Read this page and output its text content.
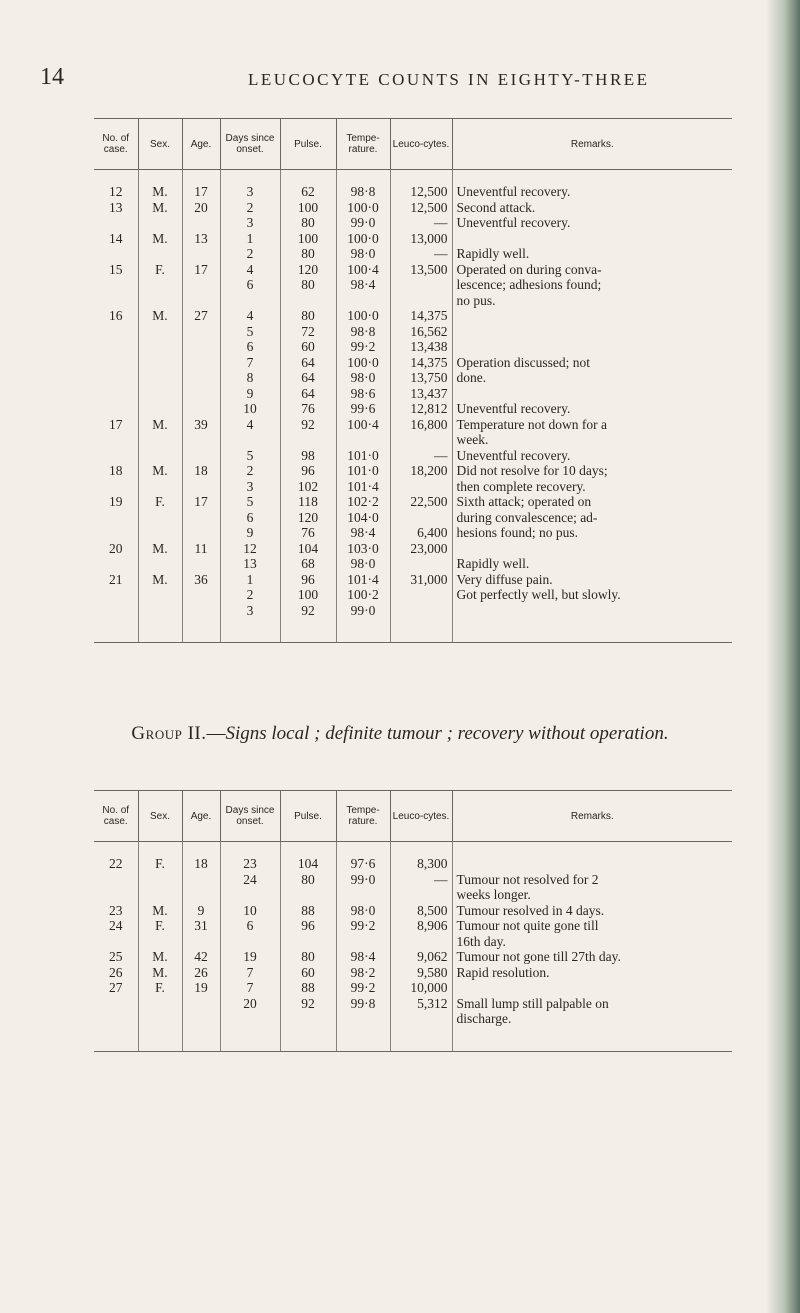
14	LEUCOCYTE COUNTS IN EIGHTY-THREE
No. of case.	Sex.	Age.	Days since onset.	Pulse.	Tempe-rature.	Leuco-cytes.	Remarks.

12	M.	17	3	62	98·8	12,500	Uneventful recovery.
13	M.	20	2	100	100·0	12,500	Second attack.
			3	80	99·0	—	Uneventful recovery.
14	M.	13	1	100	100·0	13,000	
			2	80	98·0	—	Rapidly well.
15	F.	17	4	120	100·4	13,500	Operated on during conva-
			6	80	98·4		lescence; adhesions found;
							no pus.
16	M.	27	4	80	100·0	14,375	
			5	72	98·8	16,562	
			6	60	99·2	13,438	
			7	64	100·0	14,375	Operation discussed; not
			8	64	98·0	13,750	done.
			9	64	98·6	13,437	
			10	76	99·6	12,812	Uneventful recovery.
17	M.	39	4	92	100·4	16,800	Temperature not down for a
							week.
			5	98	101·0	—	Uneventful recovery.
18	M.	18	2	96	101·0	18,200	Did not resolve for 10 days;
			3	102	101·4		then complete recovery.
19	F.	17	5	118	102·2	22,500	Sixth attack; operated on
			6	120	104·0		during convalescence; ad-
			9	76	98·4	6,400	hesions found; no pus.
20	M.	11	12	104	103·0	23,000	
			13	68	98·0		Rapidly well.
21	M.	36	1	96	101·4	31,000	Very diffuse pain.
			2	100	100·2		Got perfectly well, but slowly.
			3	92	99·0		

Group II.—Signs local ; definite tumour ; recovery without operation.
No. of case.	Sex.	Age.	Days since onset.	Pulse.	Tempe-rature.	Leuco-cytes.	Remarks.

22	F.	18	23	104	97·6	8,300	
			24	80	99·0	—	Tumour not resolved for 2
							weeks longer.
23	M.	9	10	88	98·0	8,500	Tumour resolved in 4 days.
24	F.	31	6	96	99·2	8,906	Tumour not quite gone till
							16th day.
25	M.	42	19	80	98·4	9,062	Tumour not gone till 27th day.
26	M.	26	7	60	98·2	9,580	Rapid resolution.
27	F.	19	7	88	99·2	10,000	
			20	92	99·8	5,312	Small lump still palpable on
							discharge.
